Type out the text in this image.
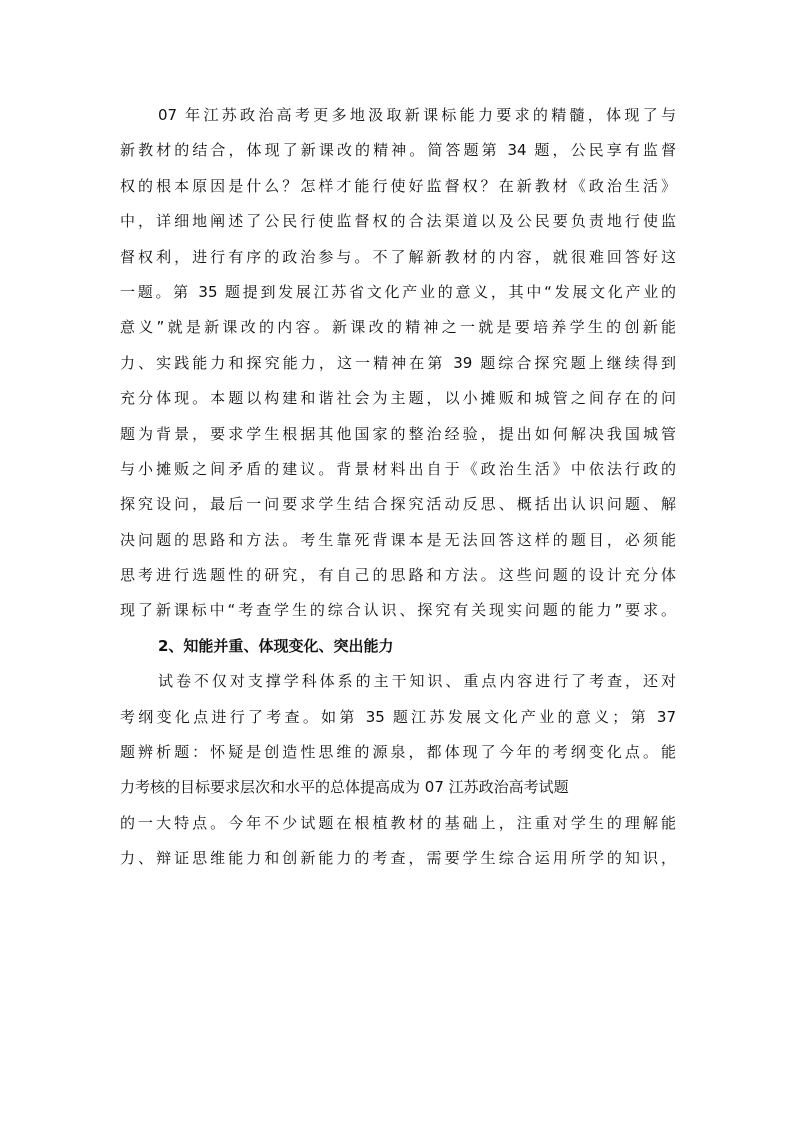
07 年江苏政治高考更多地汲取新课标能力要求的精髓，体现了与
新教材的结合，体现了新课改的精神。简答题第 34 题，公民享有监督
权的根本原因是什么？怎样才能行使好监督权？在新教材《政治生活》
中，详细地阐述了公民行使监督权的合法渠道以及公民要负责地行使监
督权利，进行有序的政治参与。不了解新教材的内容，就很难回答好这
一题。第 35 题提到发展江苏省文化产业的意义，其中“发展文化产业的
意义”就是新课改的内容。新课改的精神之一就是要培养学生的创新能
力、实践能力和探究能力，这一精神在第 39 题综合探究题上继续得到
充分体现。本题以构建和谐社会为主题，以小摊贩和城管之间存在的问
题为背景，要求学生根据其他国家的整治经验，提出如何解决我国城管
与小摊贩之间矛盾的建议。背景材料出自于《政治生活》中依法行政的
探究设问，最后一问要求学生结合探究活动反思、概括出认识问题、解
决问题的思路和方法。考生靠死背课本是无法回答这样的题目，必须能
思考进行选题性的研究，有自己的思路和方法。这些问题的设计充分体
现了新课标中“考查学生的综合认识、探究有关现实问题的能力”要求。
2、知能并重、体现变化、突出能力
试卷不仅对支撑学科体系的主干知识、重点内容进行了考查，还对
考纲变化点进行了考查。如第 35 题江苏发展文化产业的意义；第 37
题辨析题：怀疑是创造性思维的源泉，都体现了今年的考纲变化点。能
力考核的目标要求层次和水平的总体提高成为 07 江苏政治高考试题
的一大特点。今年不少试题在根植教材的基础上，注重对学生的理解能
力、辩证思维能力和创新能力的考查，需要学生综合运用所学的知识，
